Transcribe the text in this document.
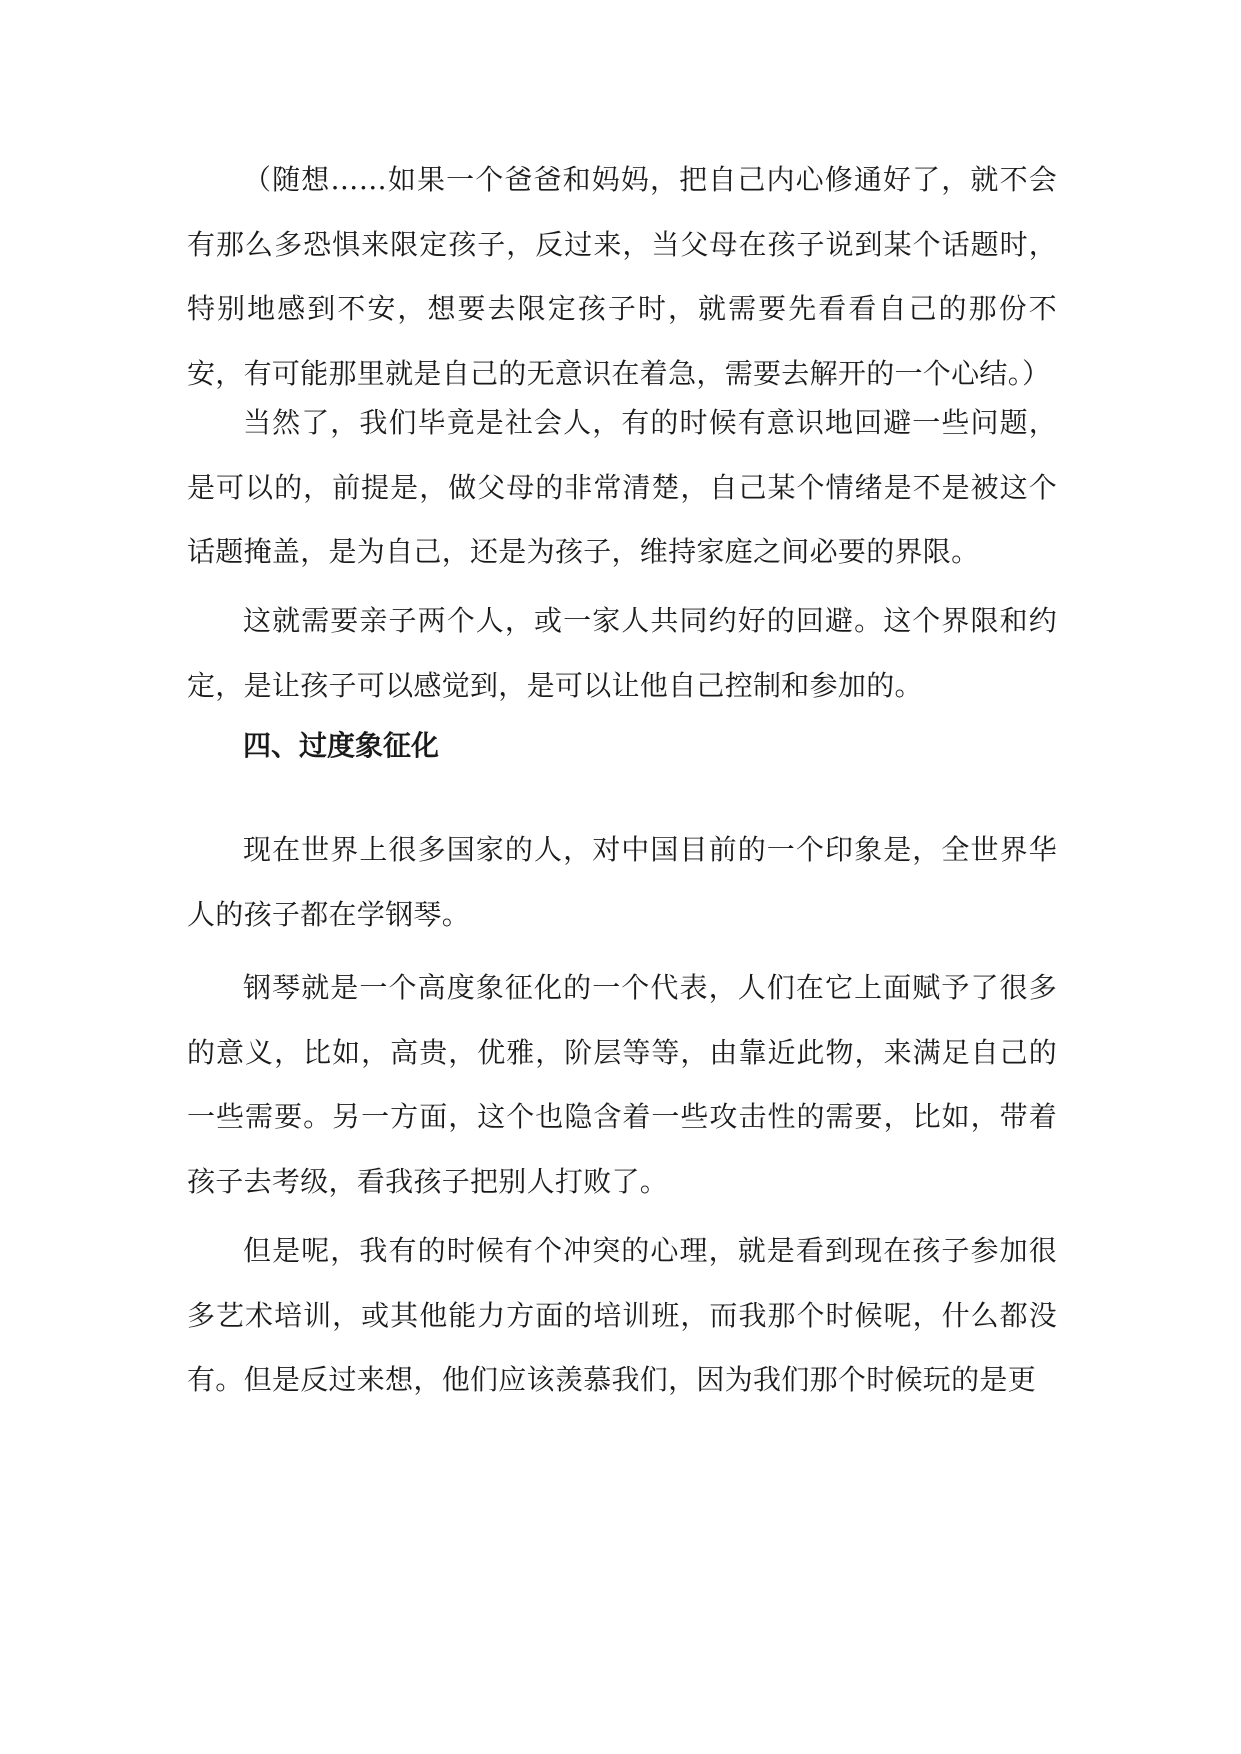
（随想……如果一个爸爸和妈妈，把自己内心修通好了，就不会有那么多恐惧来限定孩子，反过来，当父母在孩子说到某个话题时，特别地感到不安，想要去限定孩子时，就需要先看看自己的那份不安，有可能那里就是自己的无意识在着急，需要去解开的一个心结。）

当然了，我们毕竟是社会人，有的时候有意识地回避一些问题，是可以的，前提是，做父母的非常清楚，自己某个情绪是不是被这个话题掩盖，是为自己，还是为孩子，维持家庭之间必要的界限。

这就需要亲子两个人，或一家人共同约好的回避。这个界限和约定，是让孩子可以感觉到，是可以让他自己控制和参加的。

四、过度象征化

现在世界上很多国家的人，对中国目前的一个印象是，全世界华人的孩子都在学钢琴。

钢琴就是一个高度象征化的一个代表，人们在它上面赋予了很多的意义，比如，高贵，优雅，阶层等等，由靠近此物，来满足自己的一些需要。另一方面，这个也隐含着一些攻击性的需要，比如，带着孩子去考级，看我孩子把别人打败了。

但是呢，我有的时候有个冲突的心理，就是看到现在孩子参加很多艺术培训，或其他能力方面的培训班，而我那个时候呢，什么都没有。但是反过来想，他们应该羡慕我们，因为我们那个时候玩的是更
